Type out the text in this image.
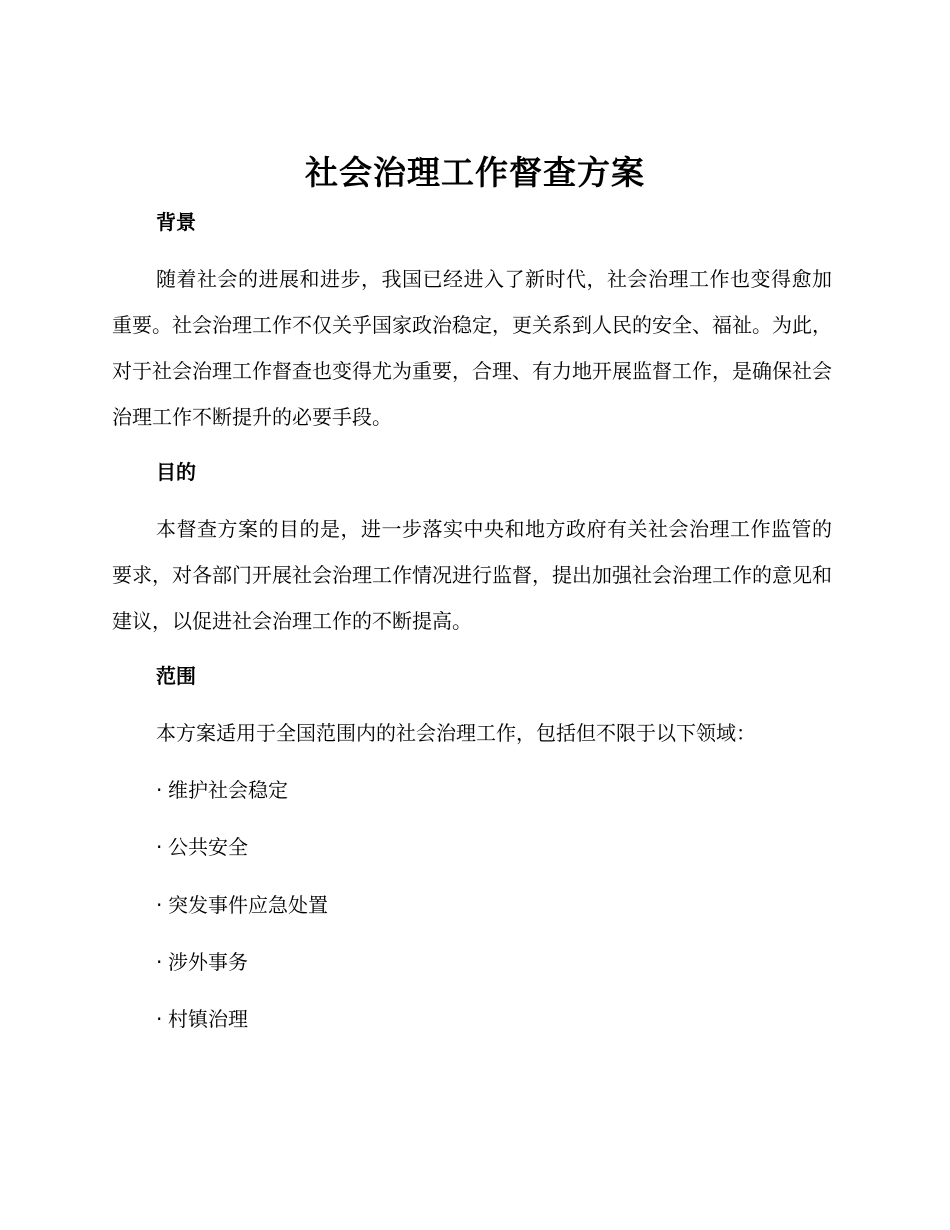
社会治理工作督查方案
背景
随着社会的进展和进步，我国已经进入了新时代，社会治理工作也变得愈加重要。社会治理工作不仅关乎国家政治稳定，更关系到人民的安全、福祉。为此，对于社会治理工作督查也变得尤为重要，合理、有力地开展监督工作，是确保社会治理工作不断提升的必要手段。
目的
本督查方案的目的是，进一步落实中央和地方政府有关社会治理工作监管的要求，对各部门开展社会治理工作情况进行监督，提出加强社会治理工作的意见和建议，以促进社会治理工作的不断提高。
范围
本方案适用于全国范围内的社会治理工作，包括但不限于以下领域：
· 维护社会稳定
· 公共安全
· 突发事件应急处置
· 涉外事务
· 村镇治理
